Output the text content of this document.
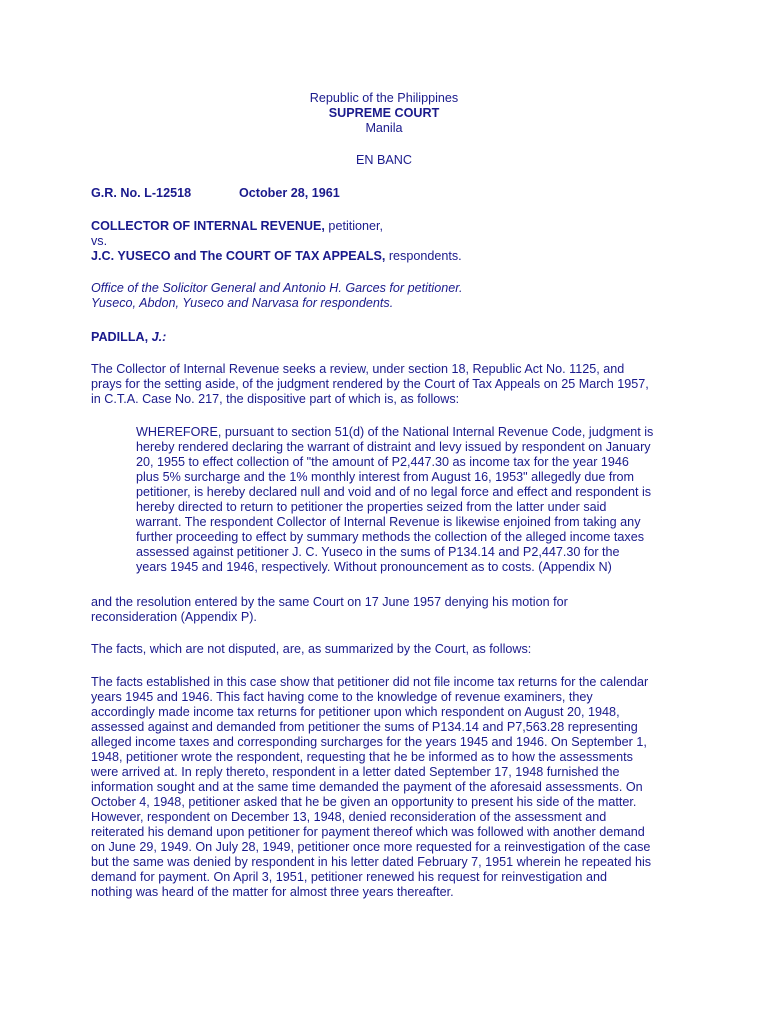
Republic of the Philippines
SUPREME COURT
Manila
EN BANC
G.R. No. L-12518	October 28, 1961
COLLECTOR OF INTERNAL REVENUE, petitioner,
vs.
J.C. YUSECO and The COURT OF TAX APPEALS, respondents.
Office of the Solicitor General and Antonio H. Garces for petitioner.
Yuseco, Abdon, Yuseco and Narvasa for respondents.
PADILLA, J.:
The Collector of Internal Revenue seeks a review, under section 18, Republic Act No. 1125, and
prays for the setting aside, of the judgment rendered by the Court of Tax Appeals on 25 March 1957,
in C.T.A. Case No. 217, the dispositive part of which is, as follows:
WHEREFORE, pursuant to section 51(d) of the National Internal Revenue Code, judgment is
hereby rendered declaring the warrant of distraint and levy issued by respondent on January
20, 1955 to effect collection of "the amount of P2,447.30 as income tax for the year 1946
plus 5% surcharge and the 1% monthly interest from August 16, 1953" allegedly due from
petitioner, is hereby declared null and void and of no legal force and effect and respondent is
hereby directed to return to petitioner the properties seized from the latter under said
warrant. The respondent Collector of Internal Revenue is likewise enjoined from taking any
further proceeding to effect by summary methods the collection of the alleged income taxes
assessed against petitioner J. C. Yuseco in the sums of P134.14 and P2,447.30 for the
years 1945 and 1946, respectively. Without pronouncement as to costs. (Appendix N)
and the resolution entered by the same Court on 17 June 1957 denying his motion for
reconsideration (Appendix P).
The facts, which are not disputed, are, as summarized by the Court, as follows:
The facts established in this case show that petitioner did not file income tax returns for the calendar
years 1945 and 1946. This fact having come to the knowledge of revenue examiners, they
accordingly made income tax returns for petitioner upon which respondent on August 20, 1948,
assessed against and demanded from petitioner the sums of P134.14 and P7,563.28 representing
alleged income taxes and corresponding surcharges for the years 1945 and 1946. On September 1,
1948, petitioner wrote the respondent, requesting that he be informed as to how the assessments
were arrived at. In reply thereto, respondent in a letter dated September 17, 1948 furnished the
information sought and at the same time demanded the payment of the aforesaid assessments. On
October 4, 1948, petitioner asked that he be given an opportunity to present his side of the matter.
However, respondent on December 13, 1948, denied reconsideration of the assessment and
reiterated his demand upon petitioner for payment thereof which was followed with another demand
on June 29, 1949. On July 28, 1949, petitioner once more requested for a reinvestigation of the case
but the same was denied by respondent in his letter dated February 7, 1951 wherein he repeated his
demand for payment. On April 3, 1951, petitioner renewed his request for reinvestigation and
nothing was heard of the matter for almost three years thereafter.
